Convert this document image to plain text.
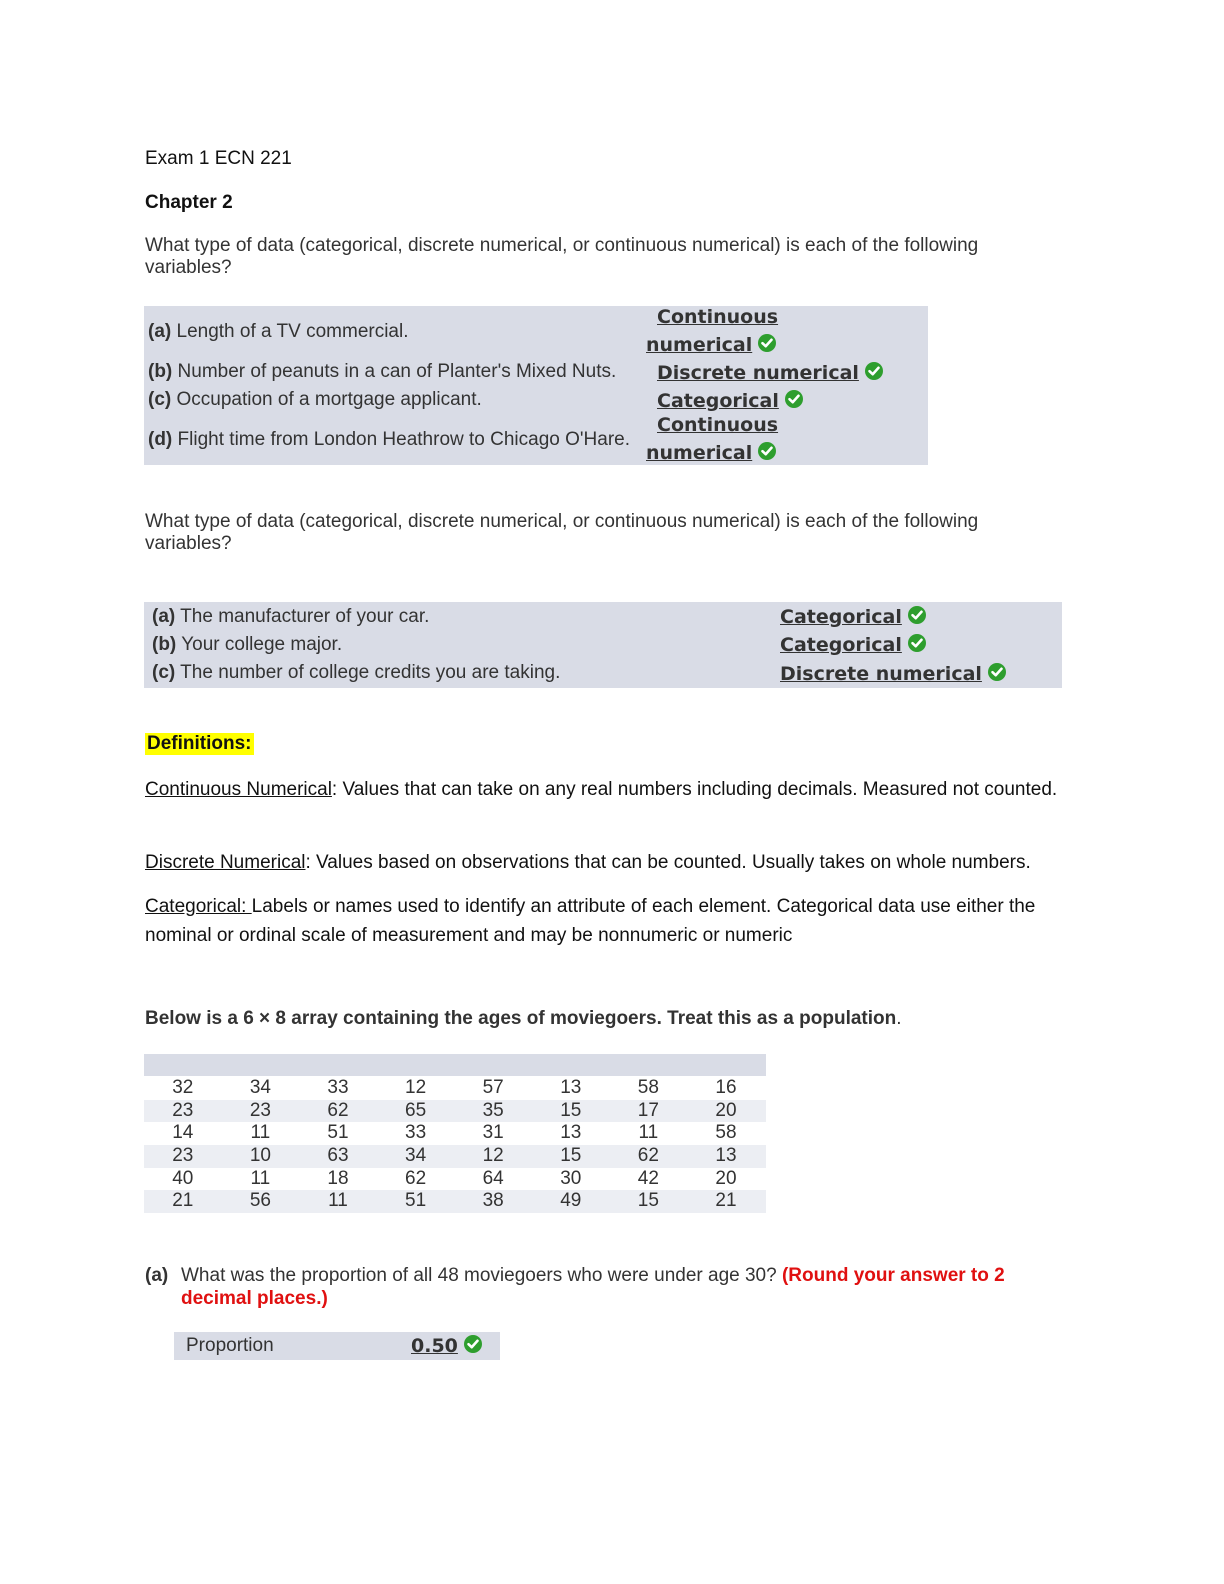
Exam 1 ECN 221
Chapter 2
What type of data (categorical, discrete numerical, or continuous numerical) is each of the following variables?
(a) Length of a TV commercial.
Continuous
numerical
(b) Number of peanuts in a can of Planter's Mixed Nuts. Discrete numerical
(c) Occupation of a mortgage applicant.	Categorical
(d) Flight time from London Heathrow to Chicago O'Hare.
Continuous
numerical
What type of data (categorical, discrete numerical, or continuous numerical) is each of the following variables?
(a) The manufacturer of your car.	Categorical
(b) Your college major.	Categorical
(c) The number of college credits you are taking.	Discrete numerical
Definitions:
Continuous Numerical: Values that can take on any real numbers including decimals. Measured not counted.
Discrete Numerical: Values based on observations that can be counted. Usually takes on whole numbers.
Categorical: Labels or names used to identify an attribute of each element. Categorical data use either the nominal or ordinal scale of measurement and may be nonnumeric or numeric
Below is a 6 × 8 array containing the ages of moviegoers. Treat this as a population.
32	34	33	12	57	13	58	16
23	23	62	65	35	15	17	20
14	11	51	33	31	13	11	58
23	10	63	34	12	15	62	13
40	11	18	62	64	30	42	20
21	56	11	51	38	49	15	21
(a) What was the proportion of all 48 moviegoers who were under age 30? (Round your answer to 2 decimal places.)
Proportion	0.50
